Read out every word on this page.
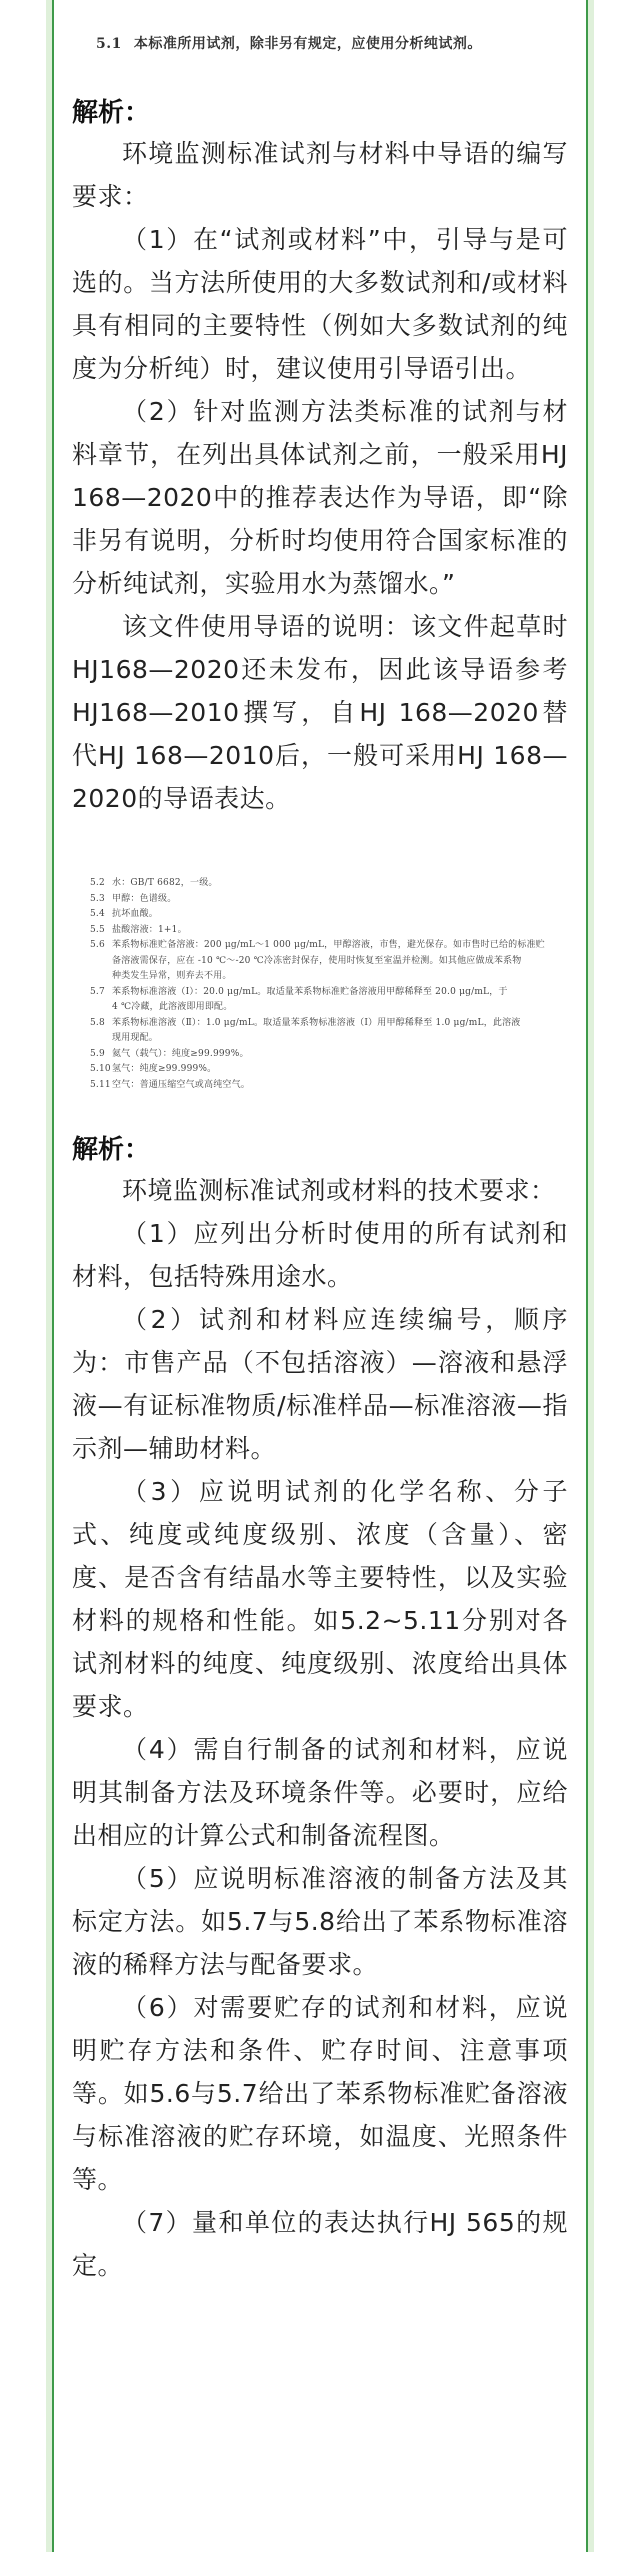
5.1 本标准所用试剂，除非另有规定，应使用分析纯试剂。
解析：

环境监测标准试剂与材料中导语的编写要求：

（1）在“试剂或材料”中，引导与是可选的。当方法所使用的大多数试剂和/或材料具有相同的主要特性（例如大多数试剂的纯度为分析纯）时，建议使用引导语引出。

（2）针对监测方法类标准的试剂与材料章节，在列出具体试剂之前，一般采用HJ 168—2020中的推荐表达作为导语，即“除非另有说明，分析时均使用符合国家标准的分析纯试剂，实验用水为蒸馏水。”

该文件使用导语的说明：该文件起草时HJ168—2020还未发布，因此该导语参考HJ168—2010撰写，自HJ 168—2020替代HJ 168—2010后，一般可采用HJ 168—2020的导语表达。

5.2 水：GB/T 6682，一级。
5.3 甲醇：色谱级。
5.4 抗坏血酸。
5.5 盐酸溶液：1+1。
5.6 苯系物标准贮备溶液：200 μg/mL～1 000 μg/mL，甲醇溶液，市售，避光保存。如市售时已给的标准贮
备溶液需保存，应在 -10 ℃～-20 ℃冷冻密封保存，使用时恢复至室温并检测。如其他应做成苯系物
种类发生异常，则弃去不用。
5.7 苯系物标准溶液（Ⅰ）：20.0 μg/mL。取适量苯系物标准贮备溶液用甲醇稀释至 20.0 μg/mL，于
4 ℃冷藏，此溶液即用即配。
5.8 苯系物标准溶液（Ⅱ）：1.0 μg/mL。取适量苯系物标准溶液（Ⅰ）用甲醇稀释至 1.0 μg/mL，此溶液
现用现配。
5.9 氦气（载气）：纯度≥99.999%。
5.10氢气：纯度≥99.999%。
5.11空气：普通压缩空气或高纯空气。
解析：

环境监测标准试剂或材料的技术要求：

（1）应列出分析时使用的所有试剂和材料，包括特殊用途水。

（2）试剂和材料应连续编号，顺序为：市售产品（不包括溶液）—溶液和悬浮液—有证标准物质/标准样品—标准溶液—指示剂—辅助材料。

（3）应说明试剂的化学名称、分子式、纯度或纯度级别、浓度（含量）、密度、是否含有结晶水等主要特性，以及实验材料的规格和性能。如5.2~5.11分别对各试剂材料的纯度、纯度级别、浓度给出具体要求。

（4）需自行制备的试剂和材料，应说明其制备方法及环境条件等。必要时，应给出相应的计算公式和制备流程图。

（5）应说明标准溶液的制备方法及其标定方法。如5.7与5.8给出了苯系物标准溶液的稀释方法与配备要求。

（6）对需要贮存的试剂和材料，应说明贮存方法和条件、贮存时间、注意事项等。如5.6与5.7给出了苯系物标准贮备溶液与标准溶液的贮存环境，如温度、光照条件等。

（7）量和单位的表达执行HJ 565的规定。
